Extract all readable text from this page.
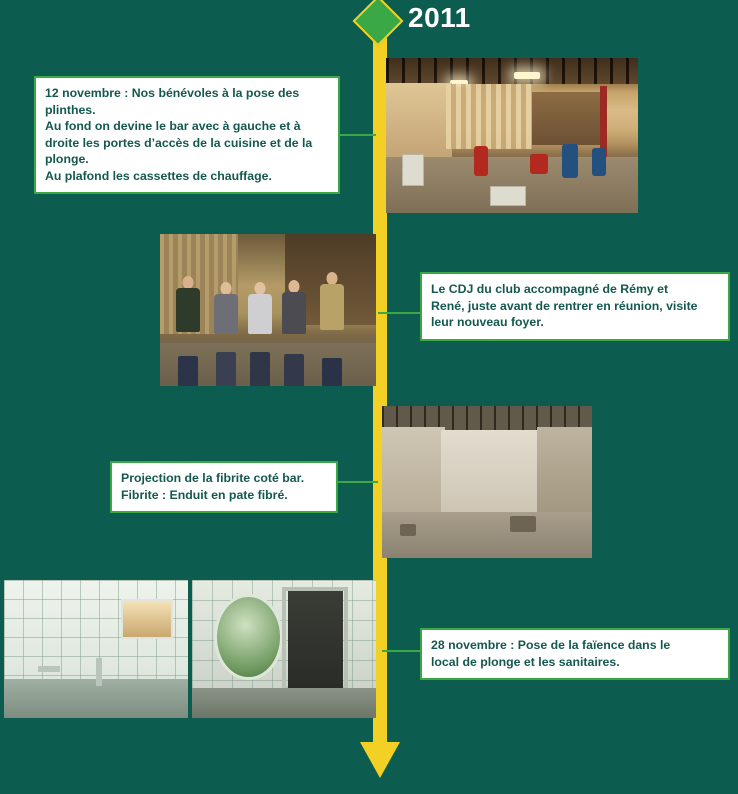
2011

12 novembre : Nos bénévoles à la pose des

plinthes.

Au fond on devine le bar avec à gauche et à

droite les portes d’accès de la cuisine et de la

plonge.

Au plafond les cassettes de chauffage.

Le CDJ du club accompagné de Rémy et

René, juste avant de rentrer en réunion, visite

leur nouveau foyer.

Projection de la fibrite coté bar.

Fibrite : Enduit en pate fibré.

28 novembre : Pose de la faïence dans le

local de plonge et les sanitaires.
